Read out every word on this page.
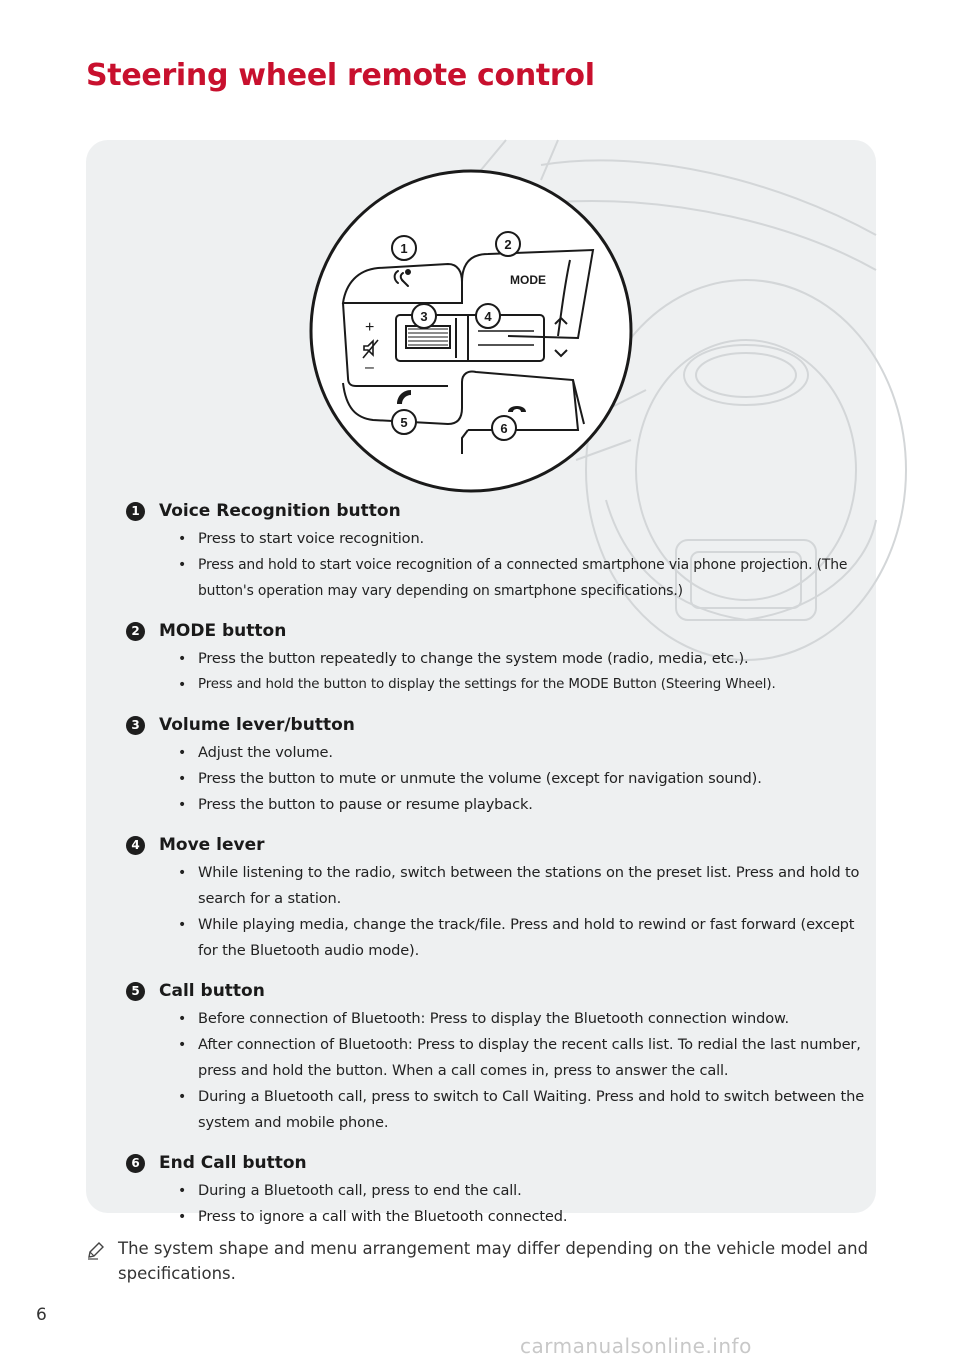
Steering wheel remote control
MODE
+
–
1	2
3	4
5	6
1	Voice Recognition button
• Press to start voice recognition.
• Press and hold to start voice recognition of a connected smartphone via phone projection. (The button's operation may vary depending on smartphone specifications.)
2	MODE button
• Press the button repeatedly to change the system mode (radio, media, etc.).
• Press and hold the button to display the settings for the MODE Button (Steering Wheel).
3	Volume lever/button
• Adjust the volume.
• Press the button to mute or unmute the volume (except for navigation sound).
• Press the button to pause or resume playback.
4	Move lever
• While listening to the radio, switch between the stations on the preset list. Press and hold to search for a station.
• While playing media, change the track/file. Press and hold to rewind or fast forward (except for the Bluetooth audio mode).
5	Call button
• Before connection of Bluetooth: Press to display the Bluetooth connection window.
• After connection of Bluetooth: Press to display the recent calls list. To redial the last number, press and hold the button. When a call comes in, press to answer the call.
• During a Bluetooth call, press to switch to Call Waiting. Press and hold to switch between the system and mobile phone.
6	End Call button
• During a Bluetooth call, press to end the call.
• Press to ignore a call with the Bluetooth connected.
The system shape and menu arrangement may differ depending on the vehicle model and specifications.
6
carmanualsonline.info
